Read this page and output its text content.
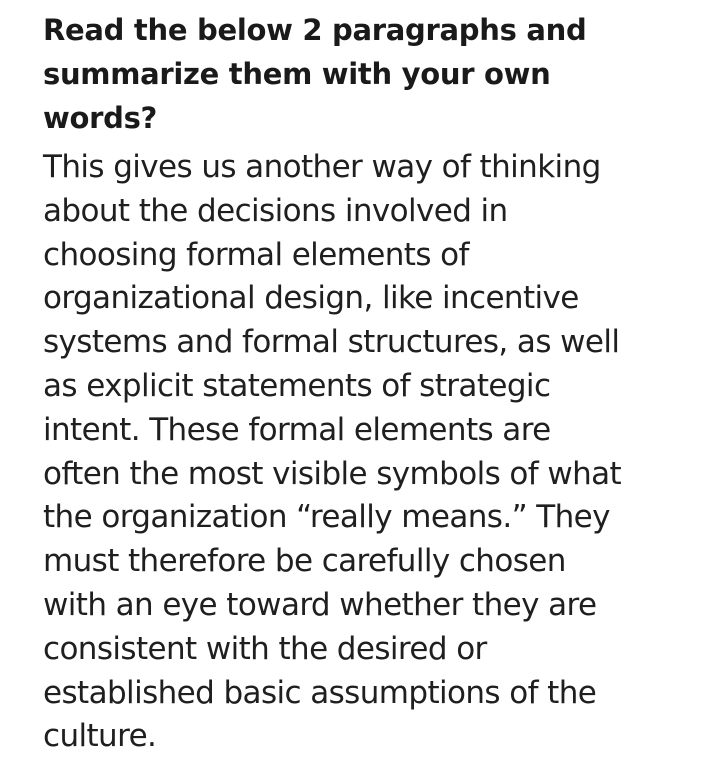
Read the below 2 paragraphs and
summarize them with your own
words?

This gives us another way of thinking
about the decisions involved in
choosing formal elements of
organizational design, like incentive
systems and formal structures, as well
as explicit statements of strategic
intent. These formal elements are
often the most visible symbols of what
the organization “really means.” They
must therefore be carefully chosen
with an eye toward whether they are
consistent with the desired or
established basic assumptions of the
culture.
